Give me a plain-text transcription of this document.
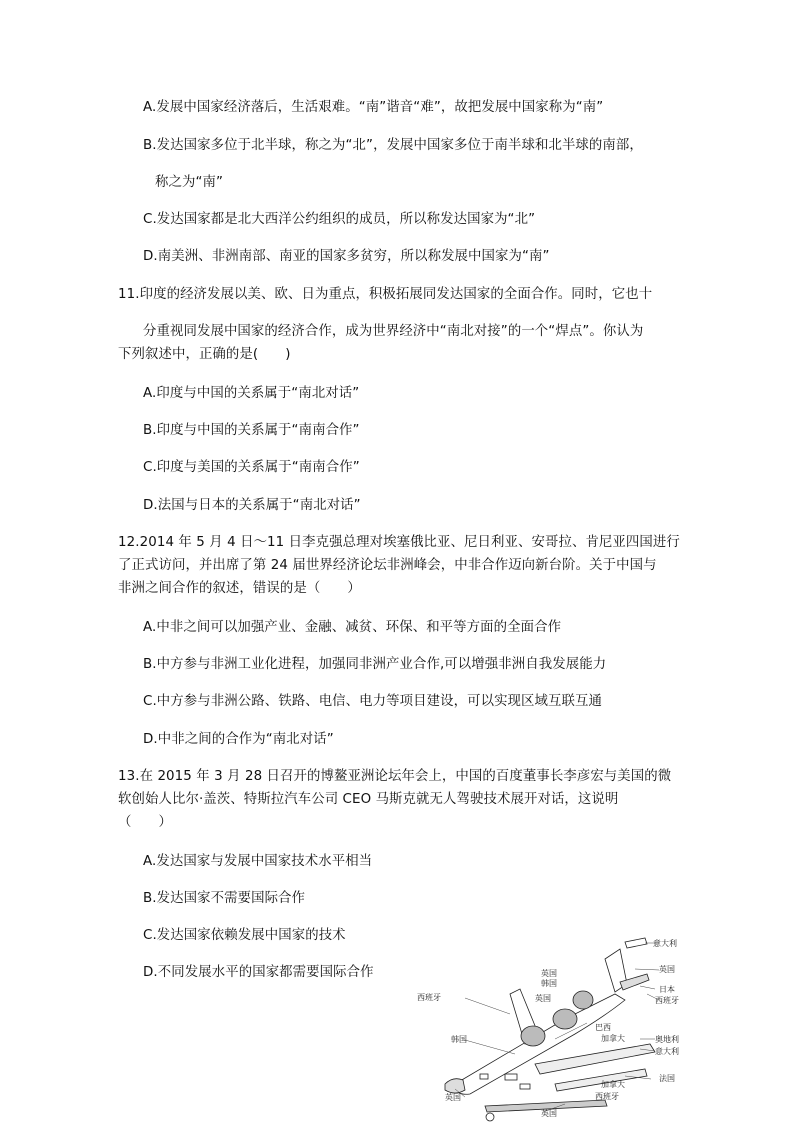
A.发展中国家经济落后，生活艰难。“南”谐音“难”，故把发展中国家称为“南”
B.发达国家多位于北半球，称之为“北”，发展中国家多位于南半球和北半球的南部，
称之为“南”
C.发达国家都是北大西洋公约组织的成员，所以称发达国家为“北”
D.南美洲、非洲南部、南亚的国家多贫穷，所以称发展中国家为“南”
11.印度的经济发展以美、欧、日为重点，积极拓展同发达国家的全面合作。同时，它也十
分重视同发展中国家的经济合作，成为世界经济中“南北对接”的一个“焊点”。你认为
下列叙述中，正确的是(　　)
A.印度与中国的关系属于“南北对话”
B.印度与中国的关系属于“南南合作”
C.印度与美国的关系属于“南南合作”
D.法国与日本的关系属于“南北对话”
12.2014 年 5 月 4 日～11 日李克强总理对埃塞俄比亚、尼日利亚、安哥拉、肯尼亚四国进行
了正式访问，并出席了第 24 届世界经济论坛非洲峰会，中非合作迈向新台阶。关于中国与
非洲之间合作的叙述，错误的是（　　）
A.中非之间可以加强产业、金融、减贫、环保、和平等方面的全面合作
B.中方参与非洲工业化进程，加强同非洲产业合作,可以增强非洲自我发展能力
C.中方参与非洲公路、铁路、电信、电力等项目建设，可以实现区域互联互通
D.中非之间的合作为“南北对话”
13.在 2015 年 3 月 28 日召开的博鳌亚洲论坛年会上，中国的百度董事长李彦宏与美国的微
软创始人比尔·盖茨、特斯拉汽车公司 CEO 马斯克就无人驾驶技术展开对话，这说明
（　　）
A.发达国家与发展中国家技术水平相当
B.发达国家不需要国际合作
C.发达国家依赖发展中国家的技术
D.不同发展水平的国家都需要国际合作
意大利
英国
日本
西班牙
英国
韩国
西班牙	英国
巴西
加拿大
韩国	奥地利
意大利
法国
加拿大
英国	西班牙
英国
